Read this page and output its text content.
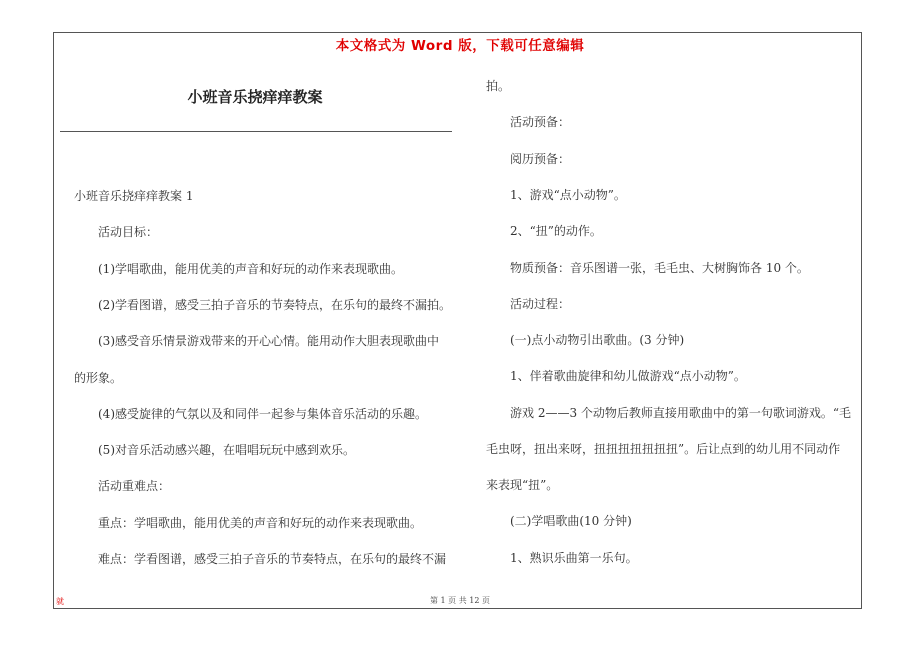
本文格式为 Word 版，下载可任意编辑
小班音乐挠痒痒教案
小班音乐挠痒痒教案 1
活动目标：
(1)学唱歌曲，能用优美的声音和好玩的动作来表现歌曲。
(2)学看图谱，感受三拍子音乐的节奏特点，在乐句的最终不漏拍。
(3)感受音乐情景游戏带来的开心心情。能用动作大胆表现歌曲中
的形象。
(4)感受旋律的气氛以及和同伴一起参与集体音乐活动的乐趣。
(5)对音乐活动感兴趣，在唱唱玩玩中感到欢乐。
活动重难点：
重点：学唱歌曲，能用优美的声音和好玩的动作来表现歌曲。
难点：学看图谱，感受三拍子音乐的节奏特点，在乐句的最终不漏
拍。
活动预备：
阅历预备：
1、游戏“点小动物”。
2、“扭”的动作。
物质预备：音乐图谱一张，毛毛虫、大树胸饰各 10 个。
活动过程：
(一)点小动物引出歌曲。(3 分钟)
1、伴着歌曲旋律和幼儿做游戏“点小动物”。
游戏 2——3 个动物后教师直接用歌曲中的第一句歌词游戏。“毛
毛虫呀，扭出来呀，扭扭扭扭扭扭扭”。后让点到的幼儿用不同动作
来表现“扭”。
(二)学唱歌曲(10 分钟)
1、熟识乐曲第一乐句。
就	第 1 页 共 12 页
